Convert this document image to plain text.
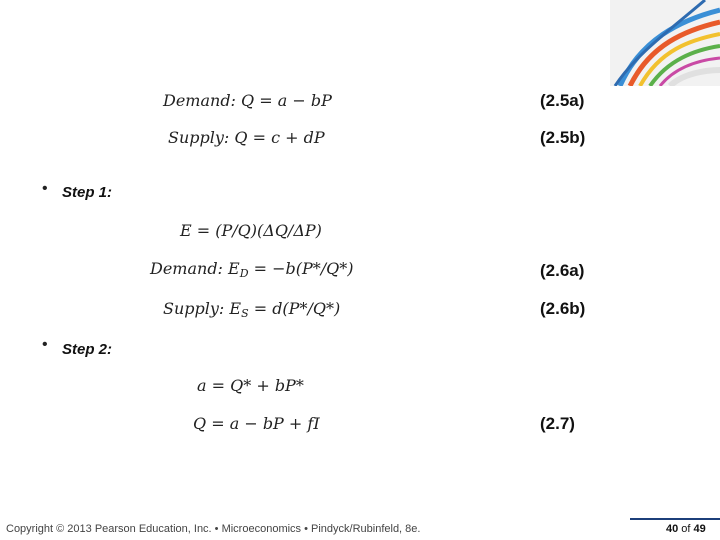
Demand: Q = a − bP	(2.5a)
Supply: Q = c + dP	(2.5b)
• Step 1:
E = (P/Q)(ΔQ/ΔP)
Demand: $E_D = -b(P*/Q*)$	(2.6a)
Supply: $E_S = d(P*/Q*)$	(2.6b)
• Step 2:
a = Q* + bP*
Q = a − bP + fI	(2.7)
Copyright © 2013 Pearson Education, Inc. • Microeconomics • Pindyck/Rubinfeld, 8e.	40 of 49
